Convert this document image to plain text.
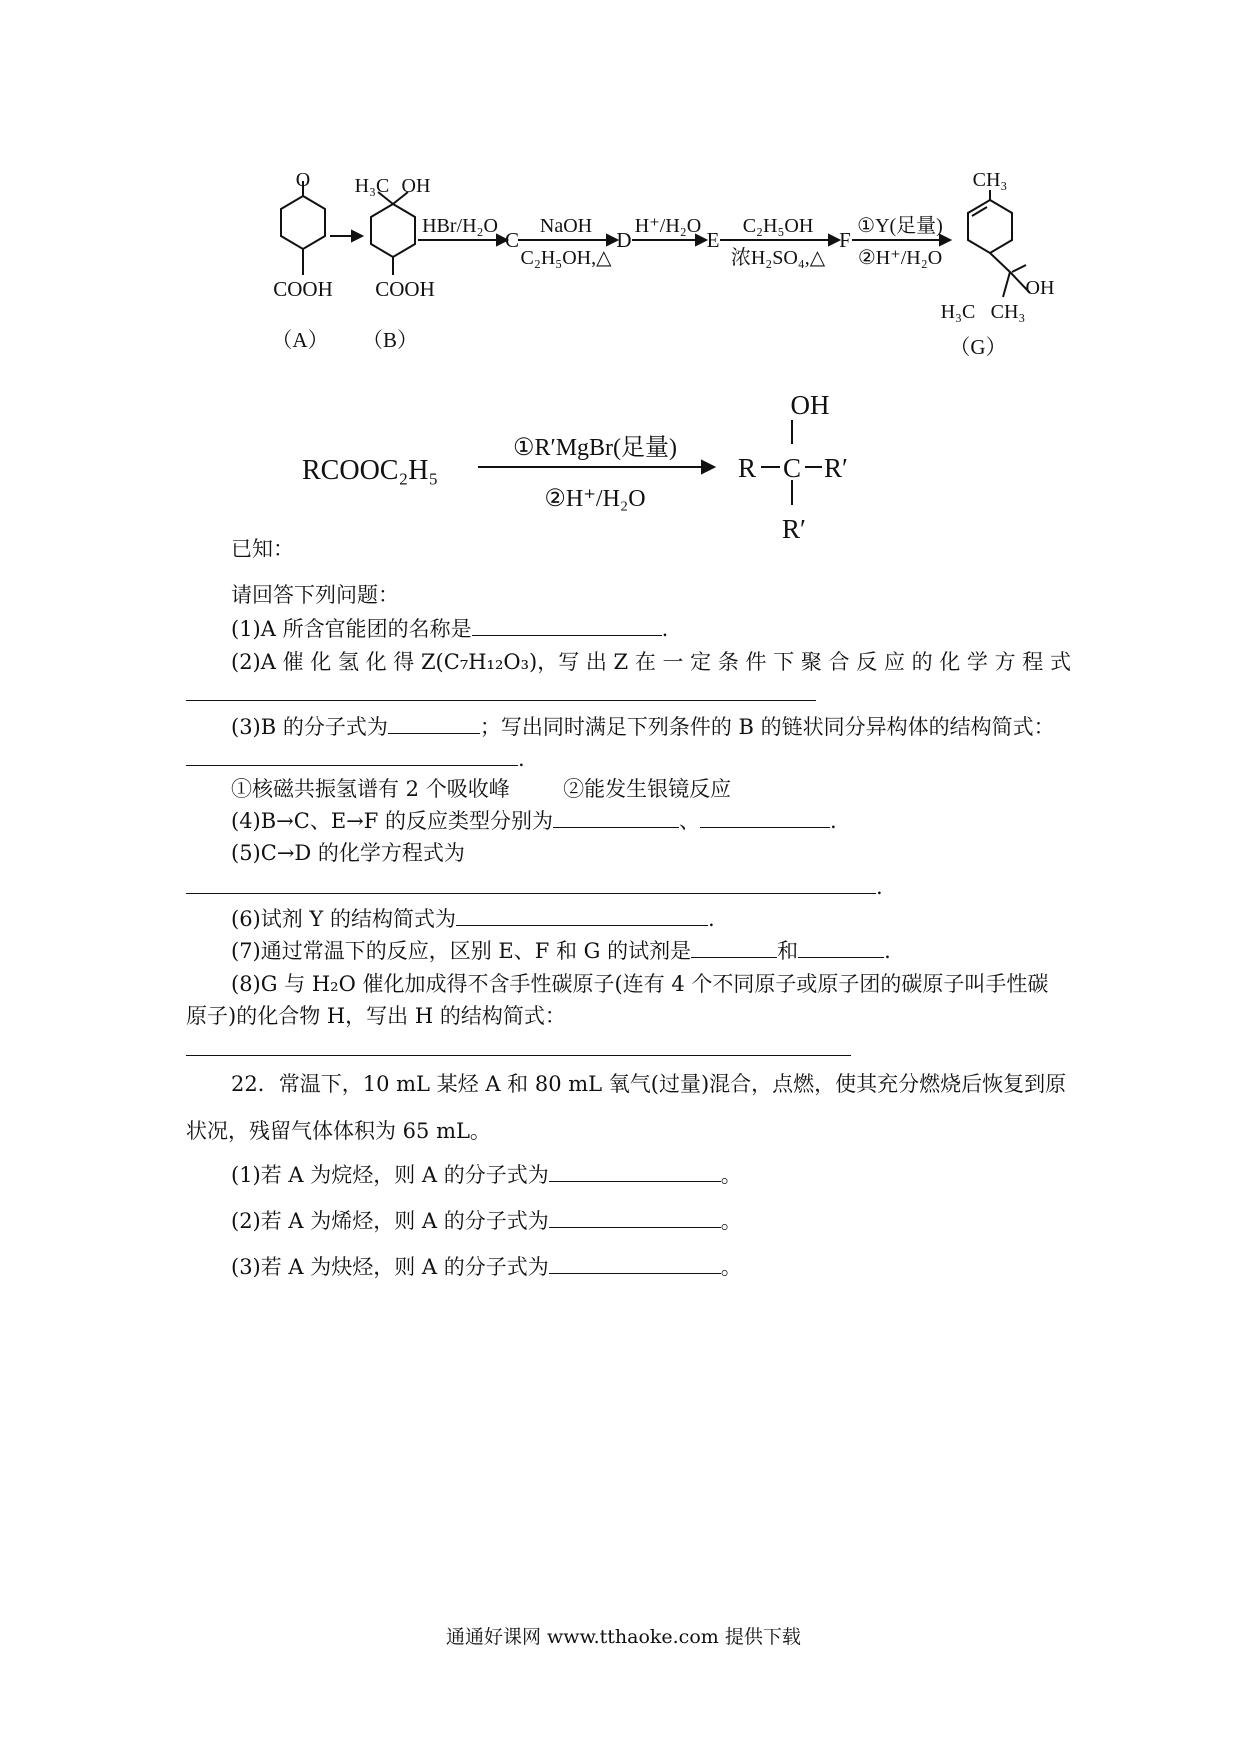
O
COOH
（A）
H₃C OH
COOH
（B）
HBr/H₂O
C
NaOH
C₂H₅OH,△
D
H⁺/H₂O
E
C₂H₅OH
浓H₂SO₄,△
F
①Y(足量)
②H⁺/H₂O
CH₃
OH
H₃C CH₃
（G）
RCOOC₂H₅
①R′MgBr(足量)
②H⁺/H₂O
OH
R C R′
R′
已知：
请回答下列问题：
(1)A 所含官能团的名称是	.
(2)A 催 化 氢 化 得 Z(C₇H₁₂O₃)，写 出 Z 在 一 定 条 件 下 聚 合 反 应 的 化 学 方 程 式
(3)B 的分子式为	；写出同时满足下列条件的 B 的链状同分异构体的结构简式：
.
①核磁共振氢谱有 2 个吸收峰        ②能发生银镜反应
(4)B→C、E→F 的反应类型分别为	、	.
(5)C→D 的化学方程式为
.
(6)试剂 Y 的结构简式为	.
(7)通过常温下的反应，区别 E、F 和 G 的试剂是	和	.
(8)G 与 H₂O 催化加成得不含手性碳原子(连有 4 个不同原子或原子团的碳原子叫手性碳
原子)的化合物 H，写出 H 的结构简式：
22．常温下，10 mL 某烃 A 和 80 mL 氧气(过量)混合，点燃，使其充分燃烧后恢复到原
状况，残留气体体积为 65 mL。
(1)若 A 为烷烃，则 A 的分子式为	。
(2)若 A 为烯烃，则 A 的分子式为	。
(3)若 A 为炔烃，则 A 的分子式为	。
通通好课网 www.tthaoke.com 提供下载
